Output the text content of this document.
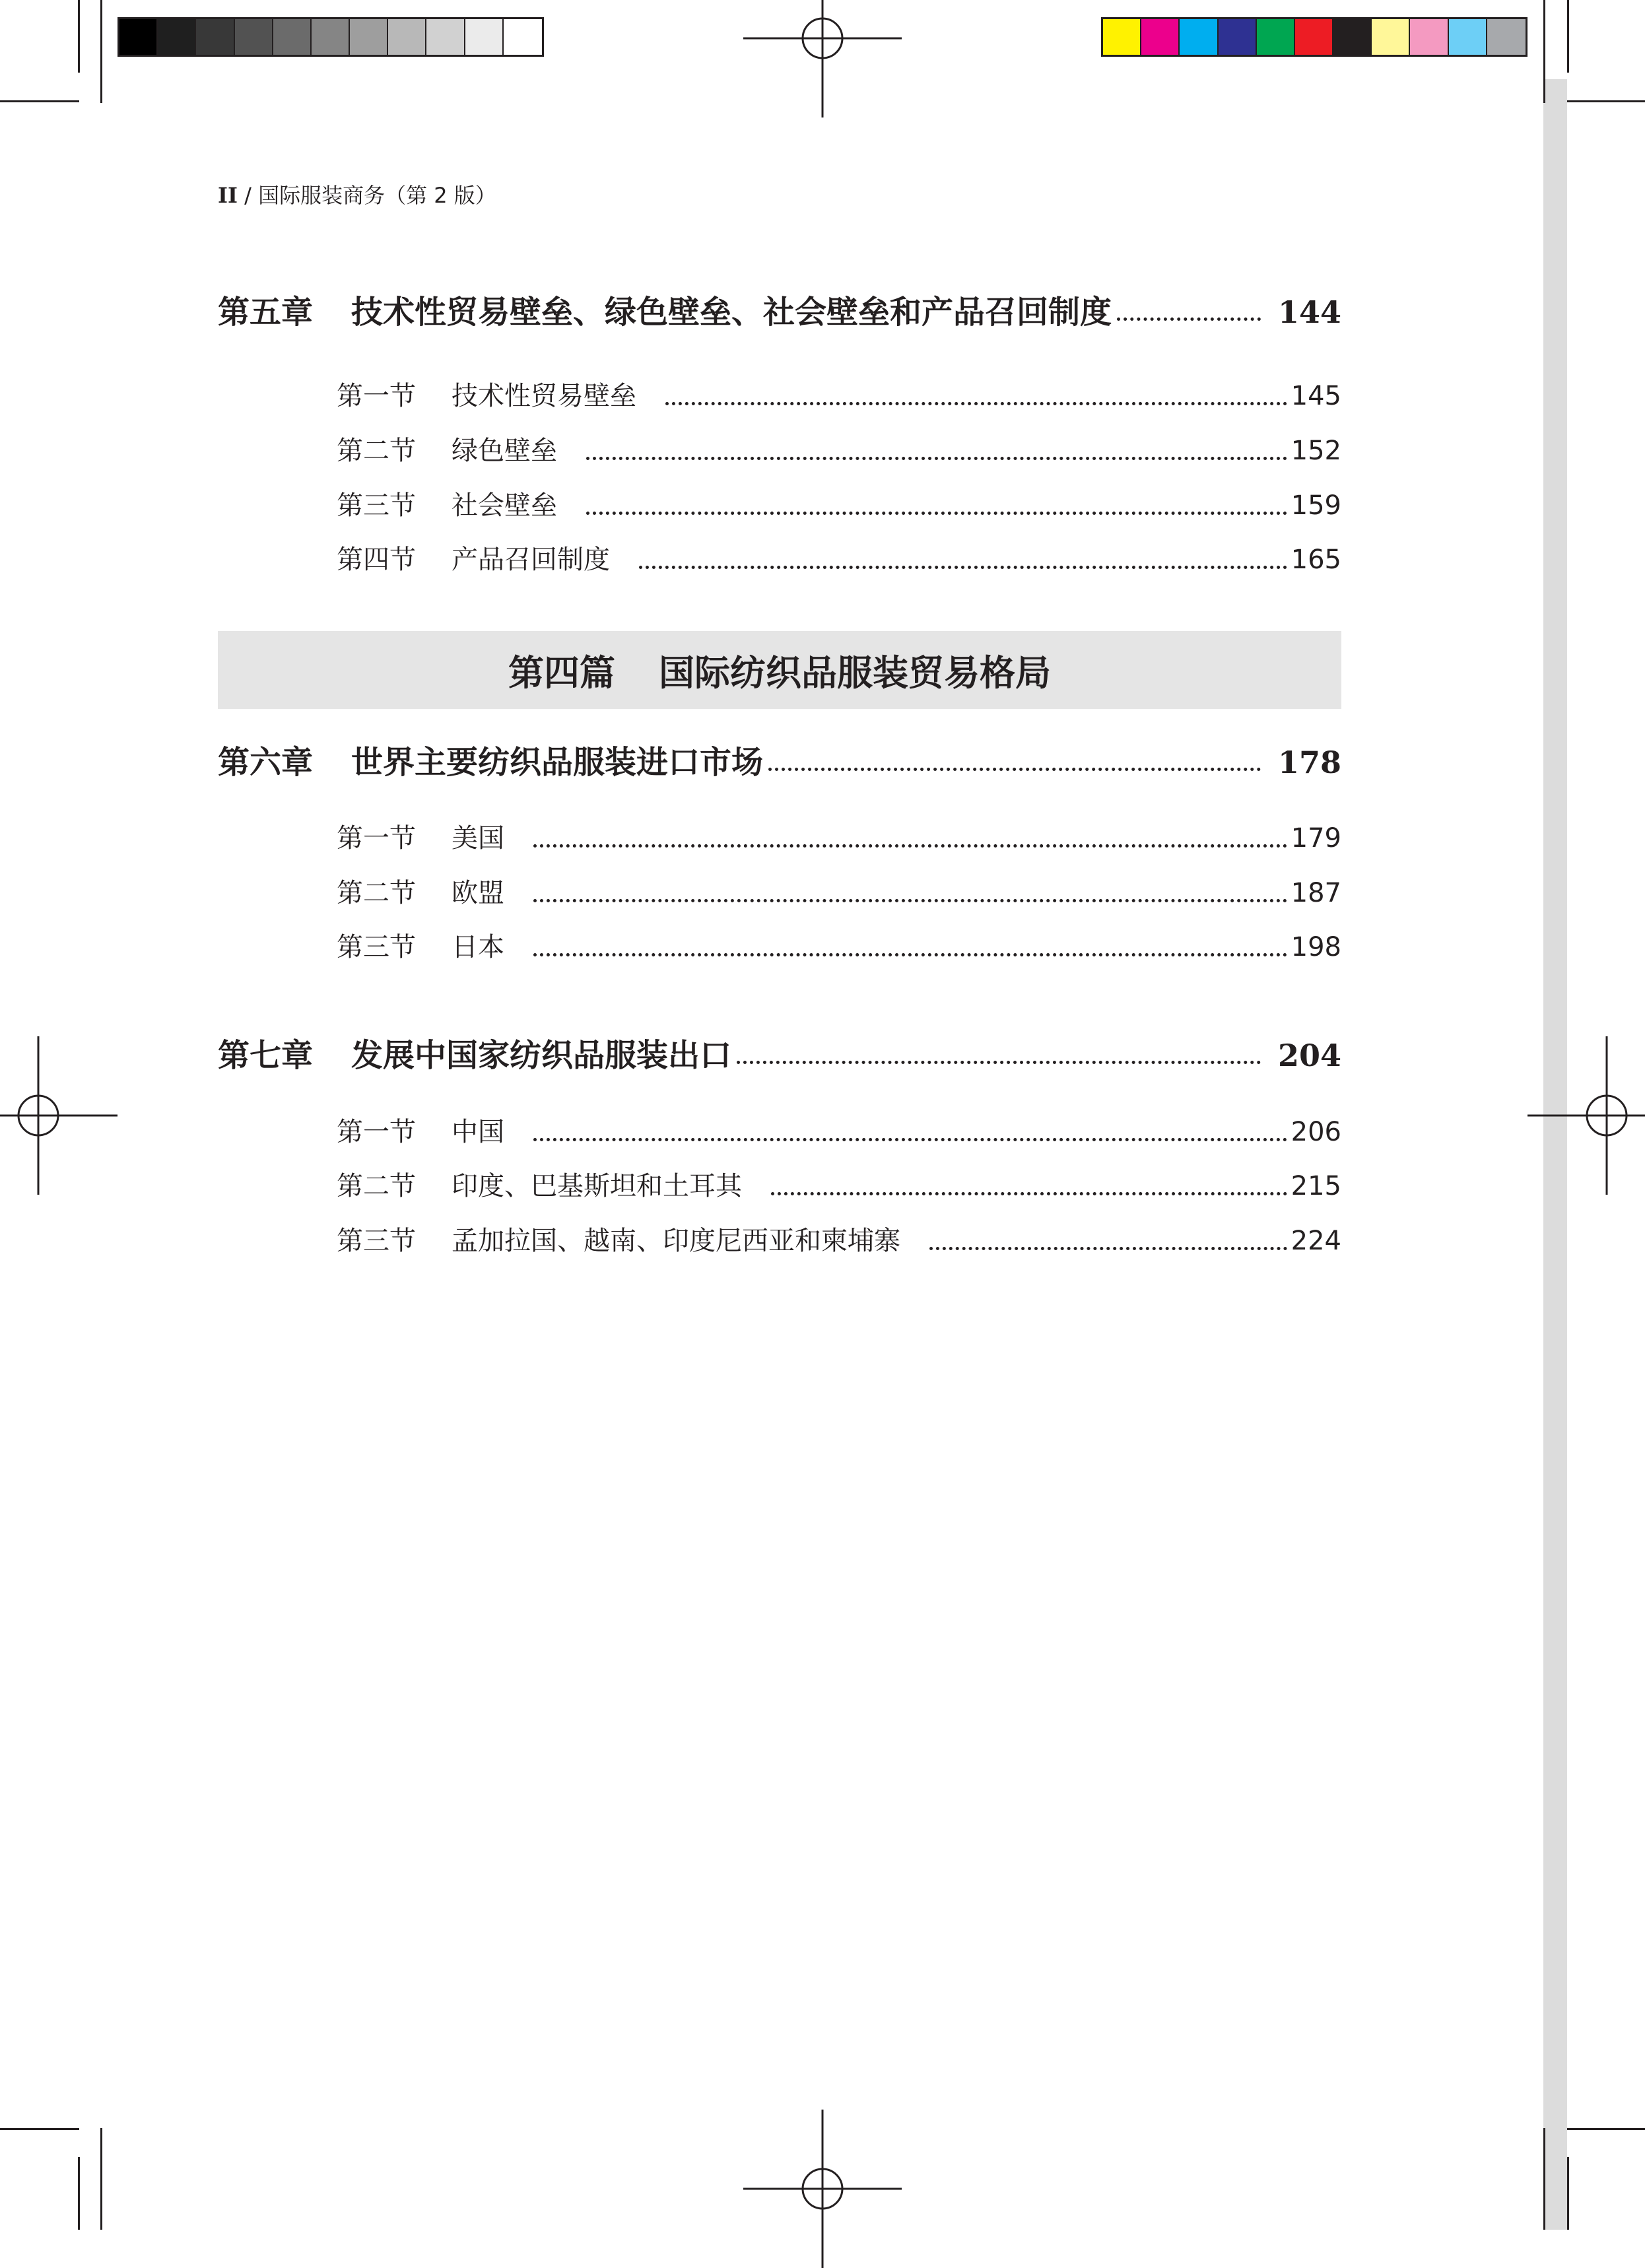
II / 国际服装商务（第 2 版）
第五章	技术性贸易壁垒、绿色壁垒、社会壁垒和产品召回制度	144
第一节	技术性贸易壁垒	145
第二节	绿色壁垒	152
第三节	社会壁垒	159
第四节	产品召回制度	165
第四篇 国际纺织品服装贸易格局
第六章	世界主要纺织品服装进口市场	178
第一节	美国	179
第二节	欧盟	187
第三节	日本	198
第七章	发展中国家纺织品服装出口	204
第一节	中国	206
第二节	印度、巴基斯坦和土耳其	215
第三节	孟加拉国、越南、印度尼西亚和柬埔寨	224
